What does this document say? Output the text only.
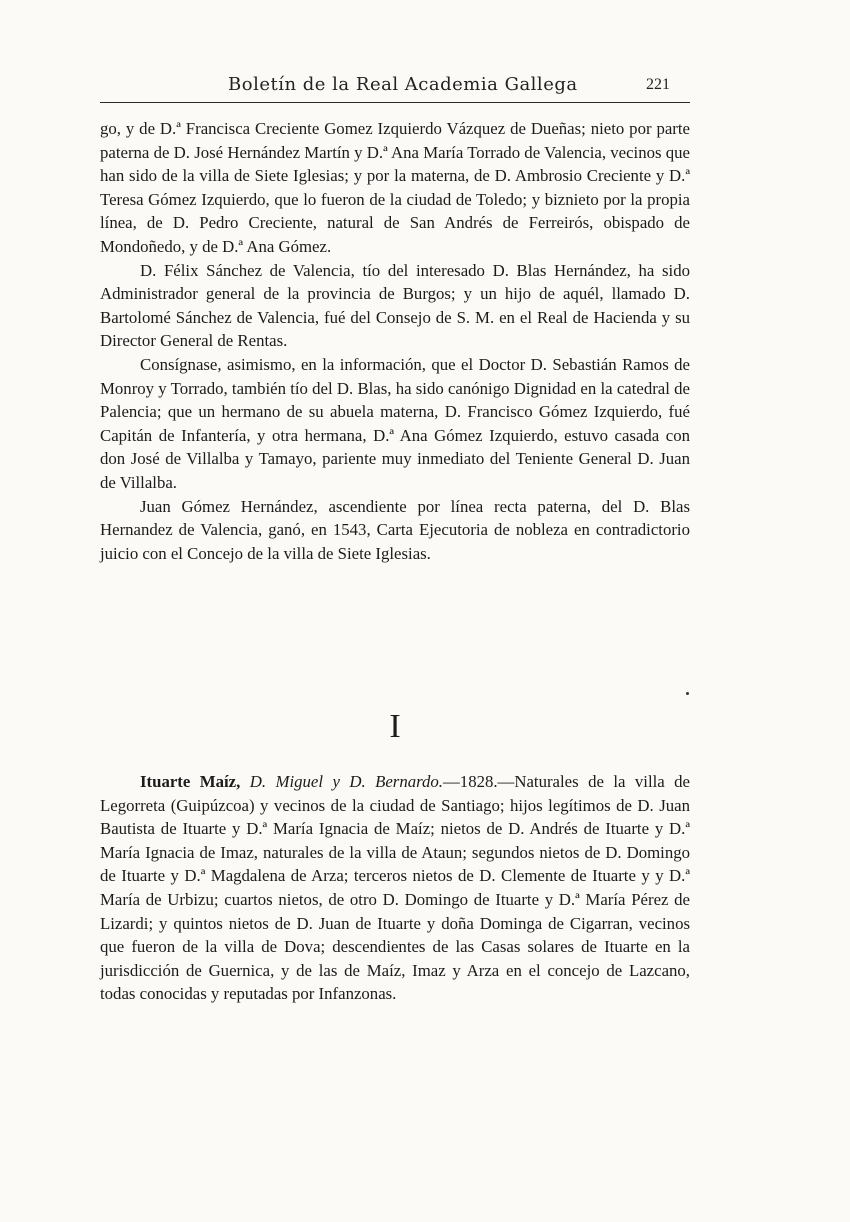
Boletín de la Real Academia Gallega	221

go, y de D.ª Francisca Creciente Gomez Izquierdo Vázquez de Dueñas; nieto por parte paterna de D. José Hernández Martín y D.ª Ana María Torrado de Valencia, vecinos que han sido de la villa de Siete Iglesias; y por la materna, de D. Ambrosio Creciente y D.ª Teresa Gómez Izquierdo, que lo fueron de la ciudad de Toledo; y biznieto por la propia línea, de D. Pedro Creciente, natural de San Andrés de Ferreirós, obispado de Mondoñedo, y de D.ª Ana Gómez.

D. Félix Sánchez de Valencia, tío del interesado D. Blas Hernández, ha sido Administrador general de la provincia de Burgos; y un hijo de aquél, llamado D. Bartolomé Sánchez de Valencia, fué del Consejo de S. M. en el Real de Hacienda y su Director General de Rentas.

Consígnase, asimismo, en la información, que el Doctor D. Sebastián Ramos de Monroy y Torrado, también tío del D. Blas, ha sido canónigo Dignidad en la catedral de Palencia; que un hermano de su abuela materna, D. Francisco Gómez Izquierdo, fué Capitán de Infantería, y otra hermana, D.ª Ana Gómez Izquierdo, estuvo casada con don José de Villalba y Tamayo, pariente muy inmediato del Teniente General D. Juan de Villalba.

Juan Gómez Hernández, ascendiente por línea recta paterna, del D. Blas Hernandez de Valencia, ganó, en 1543, Carta Ejecutoria de nobleza en contradictorio juicio con el Concejo de la villa de Siete Iglesias.

I

Ituarte Maíz, D. Miguel y D. Bernardo.—1828.—Naturales de la villa de Legorreta (Guipúzcoa) y vecinos de la ciudad de Santiago; hijos legítimos de D. Juan Bautista de Ituarte y D.ª María Ignacia de Maíz; nietos de D. Andrés de Ituarte y D.ª María Ignacia de Imaz, naturales de la villa de Ataun; segundos nietos de D. Domingo de Ituarte y D.ª Magdalena de Arza; terceros nietos de D. Clemente de Ituarte y y D.ª María de Urbizu; cuartos nietos, de otro D. Domingo de Ituarte y D.ª María Pérez de Lizardi; y quintos nietos de D. Juan de Ituarte y doña Dominga de Cigarran, vecinos que fueron de la villa de Dova; descendientes de las Casas solares de Ituarte en la jurisdicción de Guernica, y de las de Maíz, Imaz y Arza en el concejo de Lazcano, todas conocidas y reputadas por Infanzonas.
